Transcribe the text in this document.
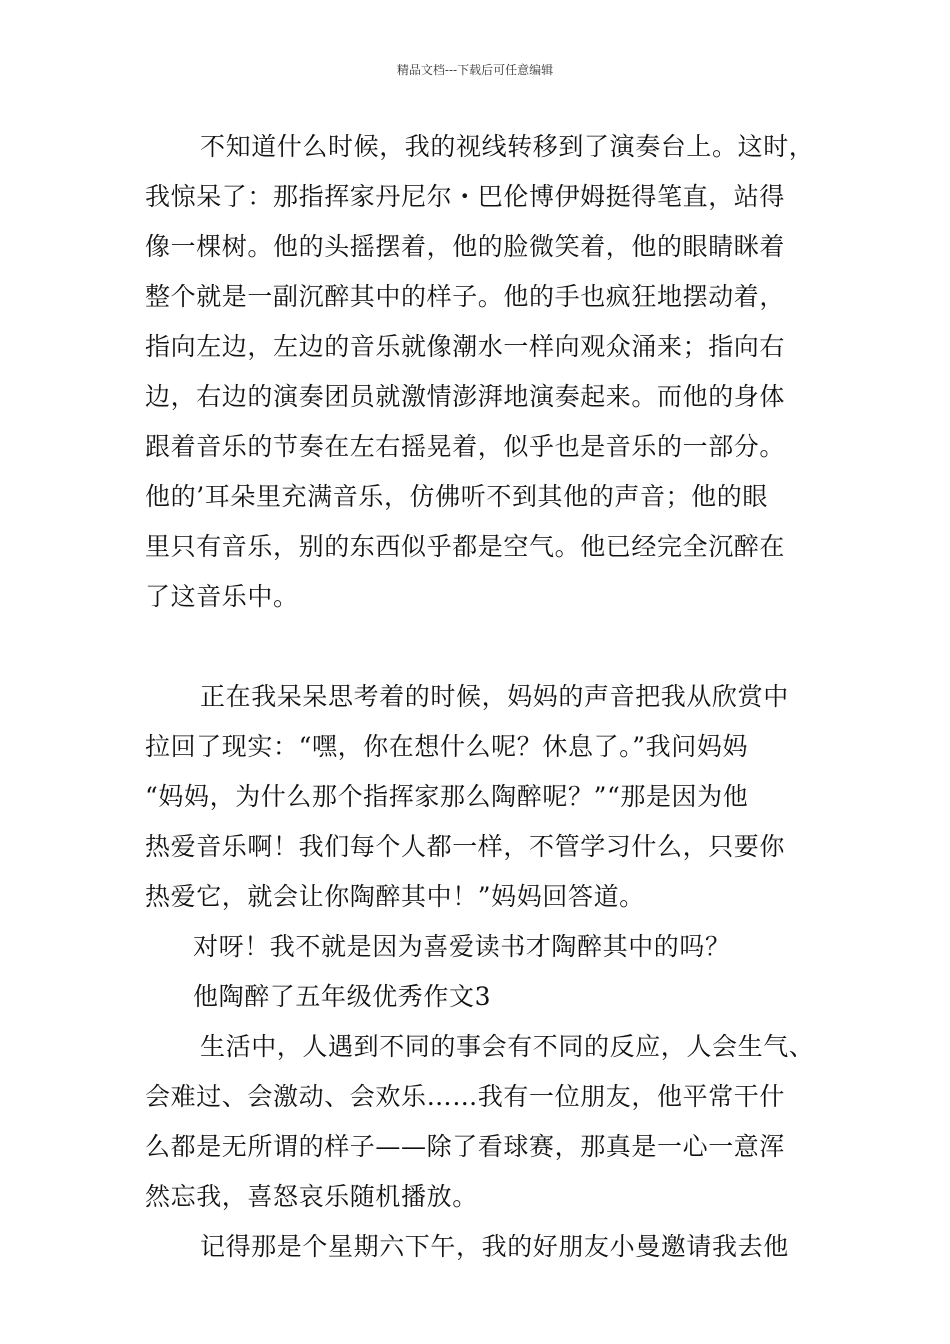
精品文档---下载后可任意编辑
不知道什么时候，我的视线转移到了演奏台上。这时，
我惊呆了：那指挥家丹尼尔・巴伦博伊姆挺得笔直，站得
像一棵树。他的头摇摆着，他的脸微笑着，他的眼睛眯着
整个就是一副沉醉其中的样子。他的手也疯狂地摆动着，
指向左边，左边的音乐就像潮水一样向观众涌来；指向右
边，右边的演奏团员就激情澎湃地演奏起来。而他的身体
跟着音乐的节奏在左右摇晃着，似乎也是音乐的一部分。
他的’耳朵里充满音乐，仿佛听不到其他的声音；他的眼
里只有音乐，别的东西似乎都是空气。他已经完全沉醉在
了这音乐中。
正在我呆呆思考着的时候，妈妈的声音把我从欣赏中
拉回了现实：“嘿，你在想什么呢？休息了。”我问妈妈
“妈妈，为什么那个指挥家那么陶醉呢？”“那是因为他
热爱音乐啊！我们每个人都一样，不管学习什么，只要你
热爱它，就会让你陶醉其中！”妈妈回答道。
对呀！我不就是因为喜爱读书才陶醉其中的吗？
他陶醉了五年级优秀作文3
生活中，人遇到不同的事会有不同的反应，人会生气、
会难过、会激动、会欢乐……我有一位朋友，他平常干什
么都是无所谓的样子——除了看球赛，那真是一心一意浑
然忘我，喜怒哀乐随机播放。
记得那是个星期六下午，我的好朋友小曼邀请我去他
